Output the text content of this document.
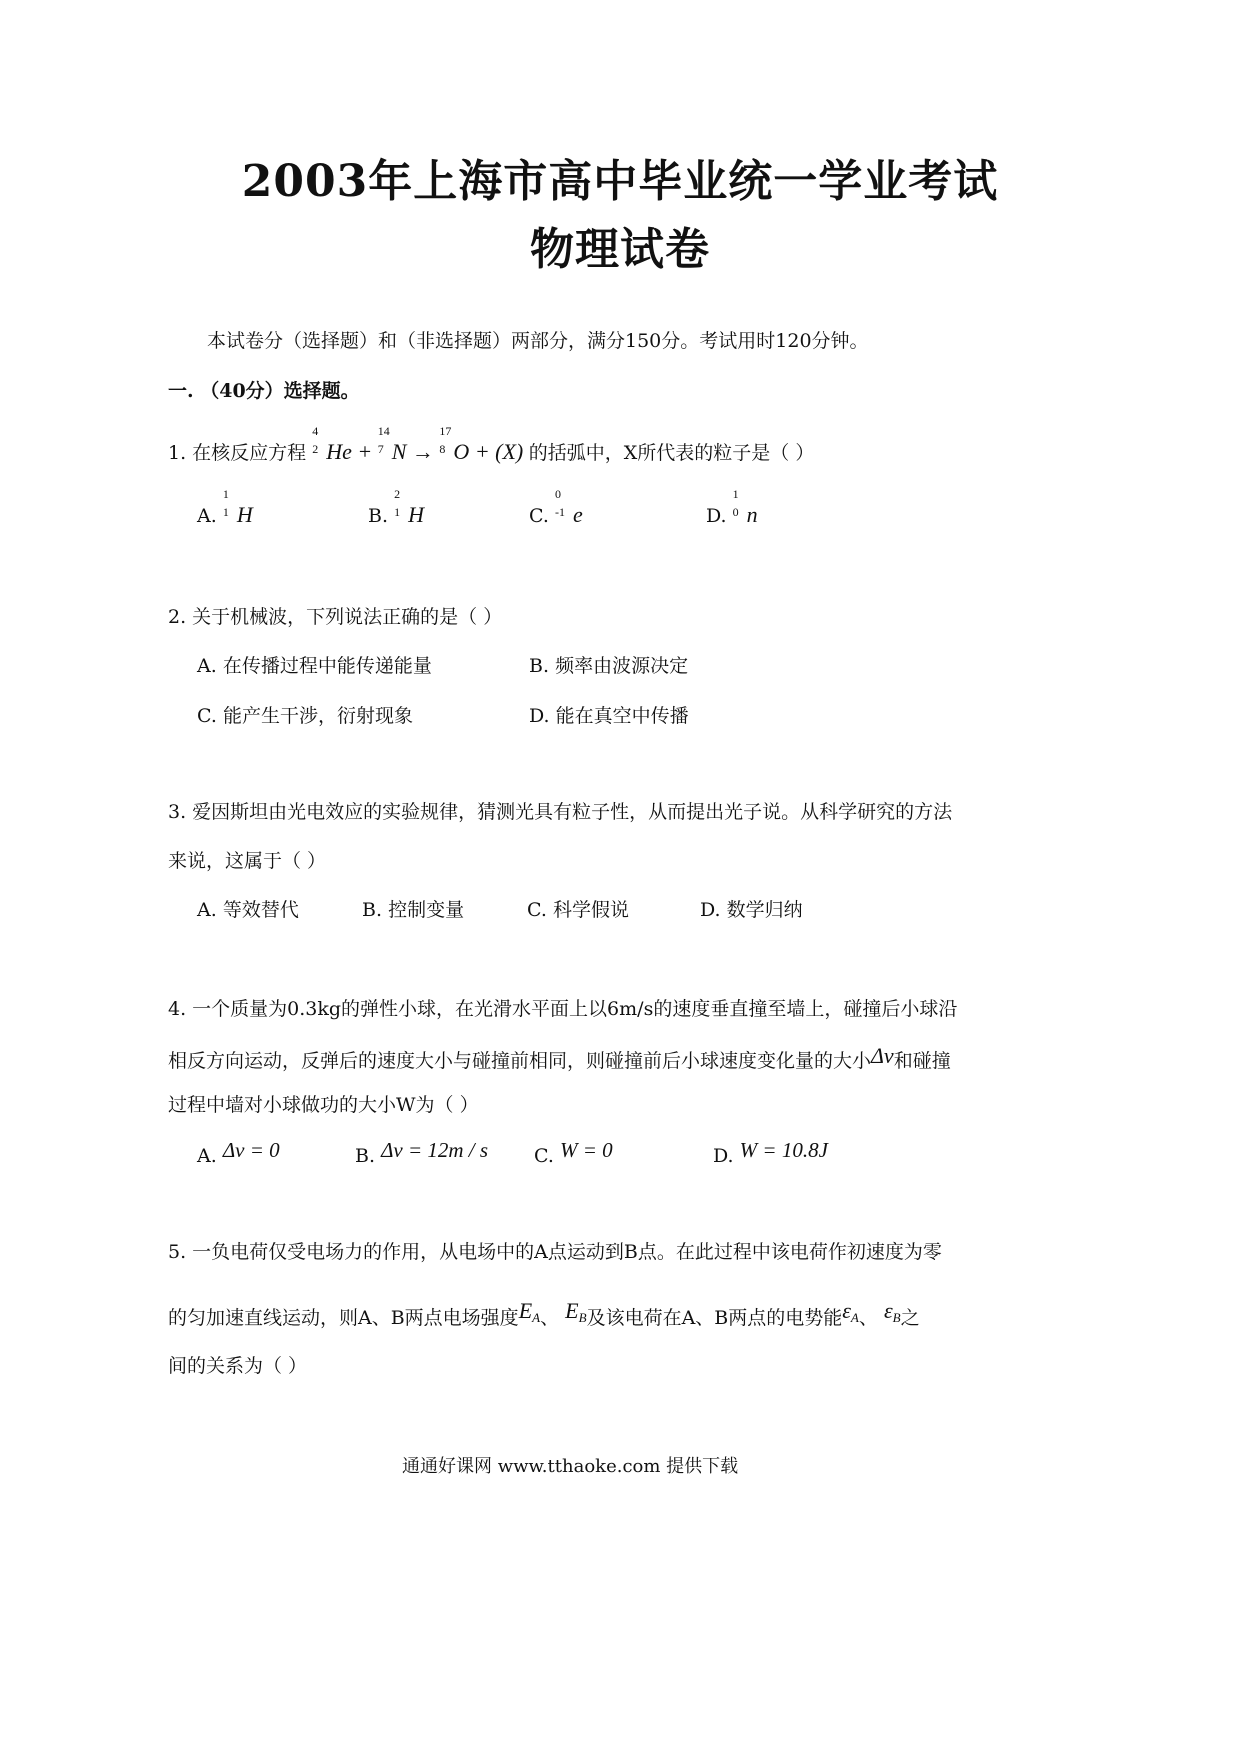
2003年上海市高中毕业统一学业考试
物理试卷
本试卷分（选择题）和（非选择题）两部分，满分150分。考试用时120分钟。
一. （40分）选择题。
1. 在核反应方程
4
2 He +
14
7 N →
17
8 O + (X) 的括弧中，X所代表的粒子是（ ）
A.
1
1 H	B.
2
1 H	C.
0
-1 e	D.
1
0 n
2. 关于机械波，下列说法正确的是（ ）
A. 在传播过程中能传递能量	B. 频率由波源决定
C. 能产生干涉，衍射现象	D. 能在真空中传播
3. 爱因斯坦由光电效应的实验规律，猜测光具有粒子性，从而提出光子说。从科学研究的方法
来说，这属于（ ）
A. 等效替代	B. 控制变量	C. 科学假说	D. 数学归纳
4. 一个质量为0.3kg的弹性小球，在光滑水平面上以6m/s的速度垂直撞至墙上，碰撞后小球沿
相反方向运动，反弹后的速度大小与碰撞前相同，则碰撞前后小球速度变化量的大小Δv和碰撞
过程中墙对小球做功的大小W为（ ）
A. Δv = 0	B. Δv = 12m / s C. W = 0	D. W = 10.8J
5. 一负电荷仅受电场力的作用，从电场中的A点运动到B点。在此过程中该电荷作初速度为零
的匀加速直线运动，则A、B两点电场强度EA、 EB及该电荷在A、B两点的电势能εA、 εB之
间的关系为（ ）
通通好课网 www.tthaoke.com 提供下载
